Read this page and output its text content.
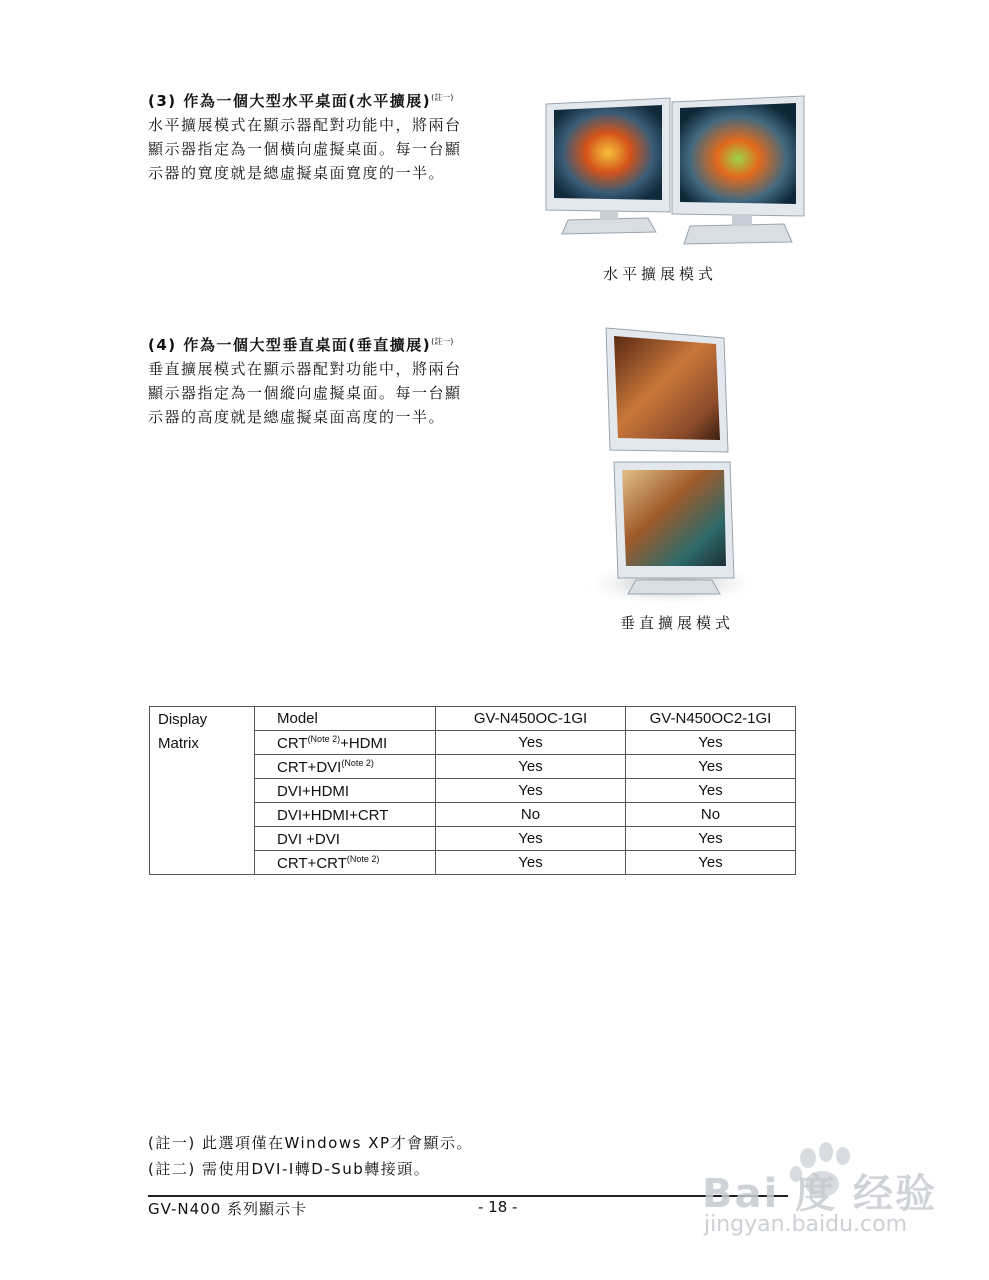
(3) 作為一個大型水平桌面(水平擴展)$^{(註一)}$
水平擴展模式在顯示器配對功能中，將兩台
顯示器指定為一個橫向虛擬桌面。每一台顯
示器的寬度就是總虛擬桌面寬度的一半。
水平擴展模式
(4) 作為一個大型垂直桌面(垂直擴展)$^{(註一)}$
垂直擴展模式在顯示器配對功能中，將兩台
顯示器指定為一個縱向虛擬桌面。每一台顯
示器的高度就是總虛擬桌面高度的一半。
垂直擴展模式
Display
Matrix	Model	GV-N450OC-1GI	GV-N450OC2-1GI
	$CRT^{(Note 2)}+HDMI$	Yes	Yes
	$CRT+DVI^{(Note 2)}$	Yes	Yes
	DVI+HDMI	Yes	Yes
	DVI+HDMI+CRT	No	No
	DVI +DVI	Yes	Yes
	$CRT+CRT^{(Note 2)}$	Yes	Yes
(註一) 此選項僅在Windows XP才會顯示。
(註二) 需使用DVI-I轉D-Sub轉接頭。
GV-N400 系列顯示卡	- 18 -	Bai 度 经验
jingyan.baidu.com
